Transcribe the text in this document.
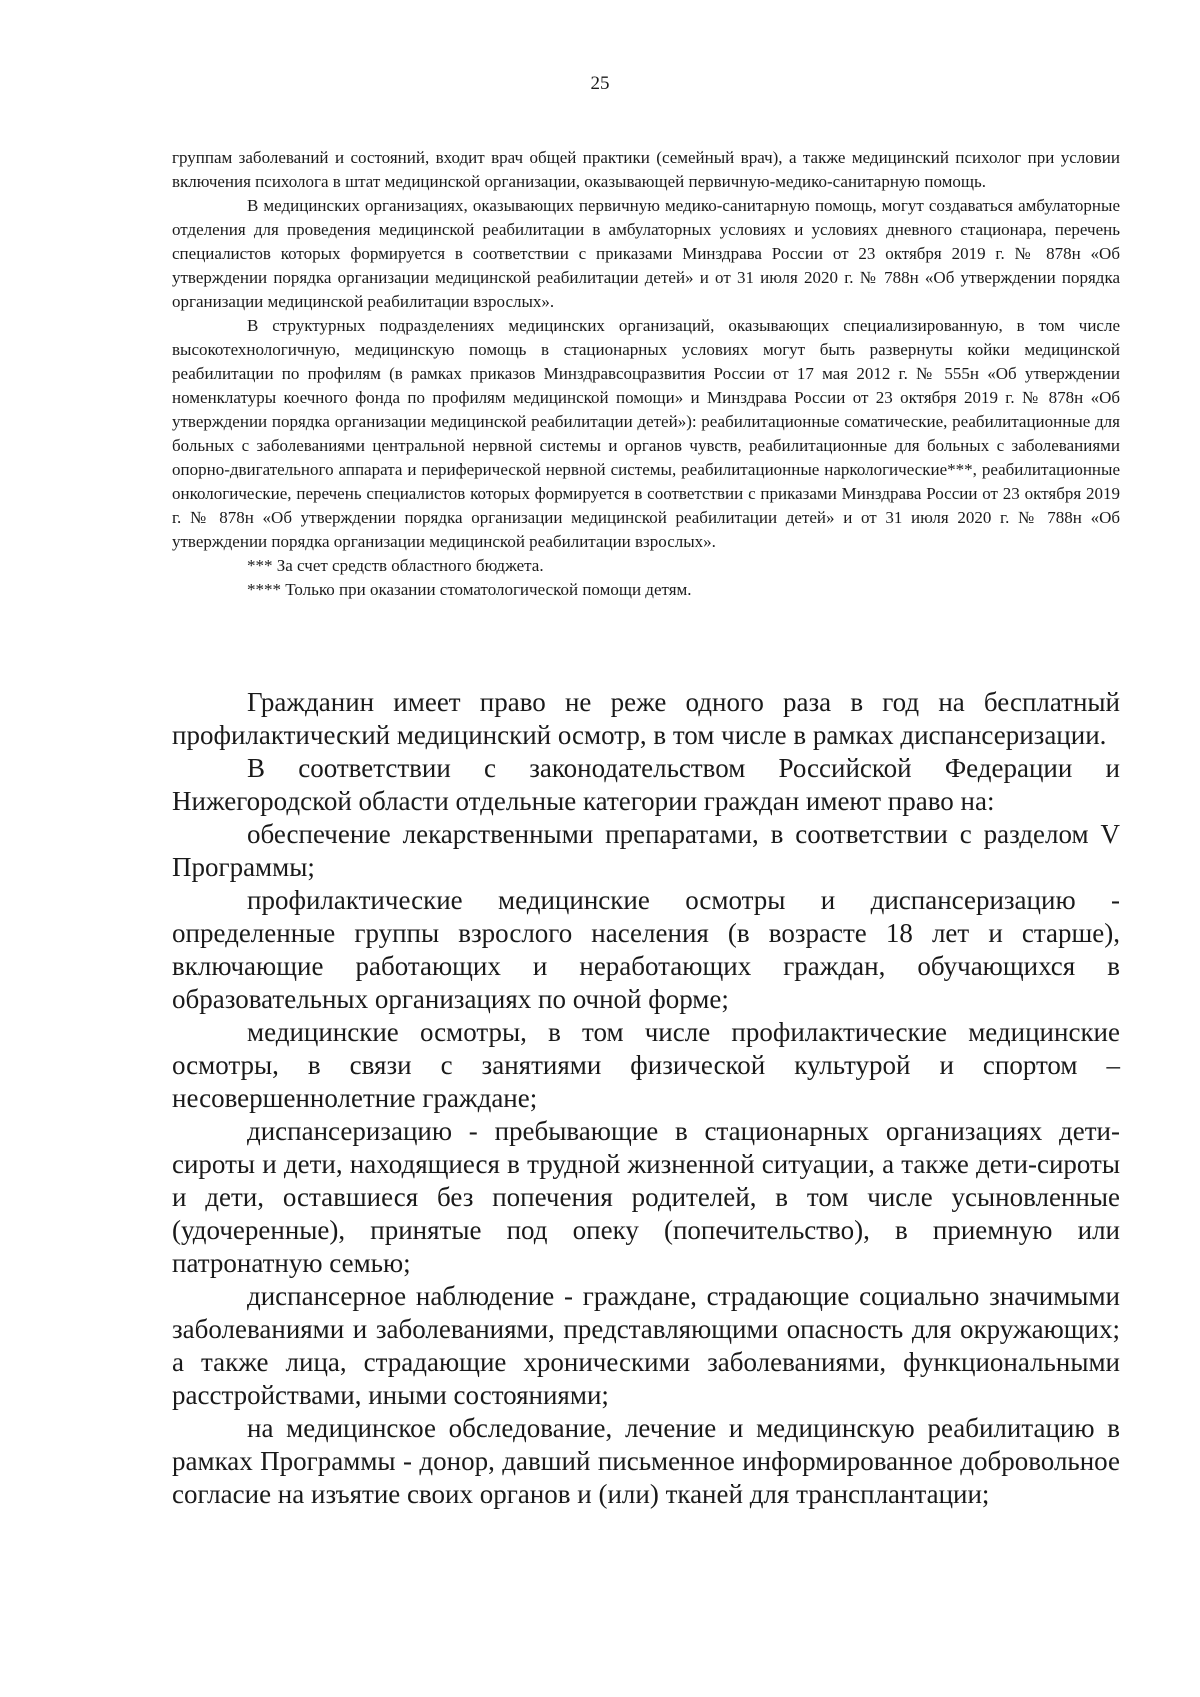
25

группам заболеваний и состояний, входит врач общей практики (семейный врач), а также медицинский психолог при условии включения психолога в штат медицинской организации, оказывающей первичную-медико-санитарную помощь.

В медицинских организациях, оказывающих первичную медико-санитарную помощь, могут создаваться амбулаторные отделения для проведения медицинской реабилитации в амбулаторных условиях и условиях дневного стационара, перечень специалистов которых формируется в соответствии с приказами Минздрава России от 23 октября 2019 г. № 878н «Об утверждении порядка организации медицинской реабилитации детей» и от 31 июля 2020 г. № 788н «Об утверждении порядка организации медицинской реабилитации взрослых».

В структурных подразделениях медицинских организаций, оказывающих специализированную, в том числе высокотехнологичную, медицинскую помощь в стационарных условиях могут быть развернуты койки медицинской реабилитации по профилям (в рамках приказов Минздравсоцразвития России от 17 мая 2012 г. № 555н «Об утверждении номенклатуры коечного фонда по профилям медицинской помощи» и Минздрава России от 23 октября 2019 г. № 878н «Об утверждении порядка организации медицинской реабилитации детей»): реабилитационные соматические, реабилитационные для больных с заболеваниями центральной нервной системы и органов чувств, реабилитационные для больных с заболеваниями опорно-двигательного аппарата и периферической нервной системы, реабилитационные наркологические***, реабилитационные онкологические, перечень специалистов которых формируется в соответствии с приказами Минздрава России от 23 октября 2019 г. № 878н «Об утверждении порядка организации медицинской реабилитации детей» и от 31 июля 2020 г. № 788н «Об утверждении порядка организации медицинской реабилитации взрослых».

*** За счет средств областного бюджета.

**** Только при оказании стоматологической помощи детям.

Гражданин имеет право не реже одного раза в год на бесплатный профилактический медицинский осмотр, в том числе в рамках диспансеризации.

В соответствии с законодательством Российской Федерации и Нижегородской области отдельные категории граждан имеют право на:

обеспечение лекарственными препаратами, в соответствии с разделом V Программы;

профилактические медицинские осмотры и диспансеризацию - определенные группы взрослого населения (в возрасте 18 лет и старше), включающие работающих и неработающих граждан, обучающихся в образовательных организациях по очной форме;

медицинские осмотры, в том числе профилактические медицинские осмотры, в связи с занятиями физической культурой и спортом – несовершеннолетние граждане;

диспансеризацию - пребывающие в стационарных организациях дети-сироты и дети, находящиеся в трудной жизненной ситуации, а также дети-сироты и дети, оставшиеся без попечения родителей, в том числе усыновленные (удочеренные), принятые под опеку (попечительство), в приемную или патронатную семью;

диспансерное наблюдение - граждане, страдающие социально значимыми заболеваниями и заболеваниями, представляющими опасность для окружающих; а также лица, страдающие хроническими заболеваниями, функциональными расстройствами, иными состояниями;

на медицинское обследование, лечение и медицинскую реабилитацию в рамках Программы - донор, давший письменное информированное добровольное согласие на изъятие своих органов и (или) тканей для трансплантации;
